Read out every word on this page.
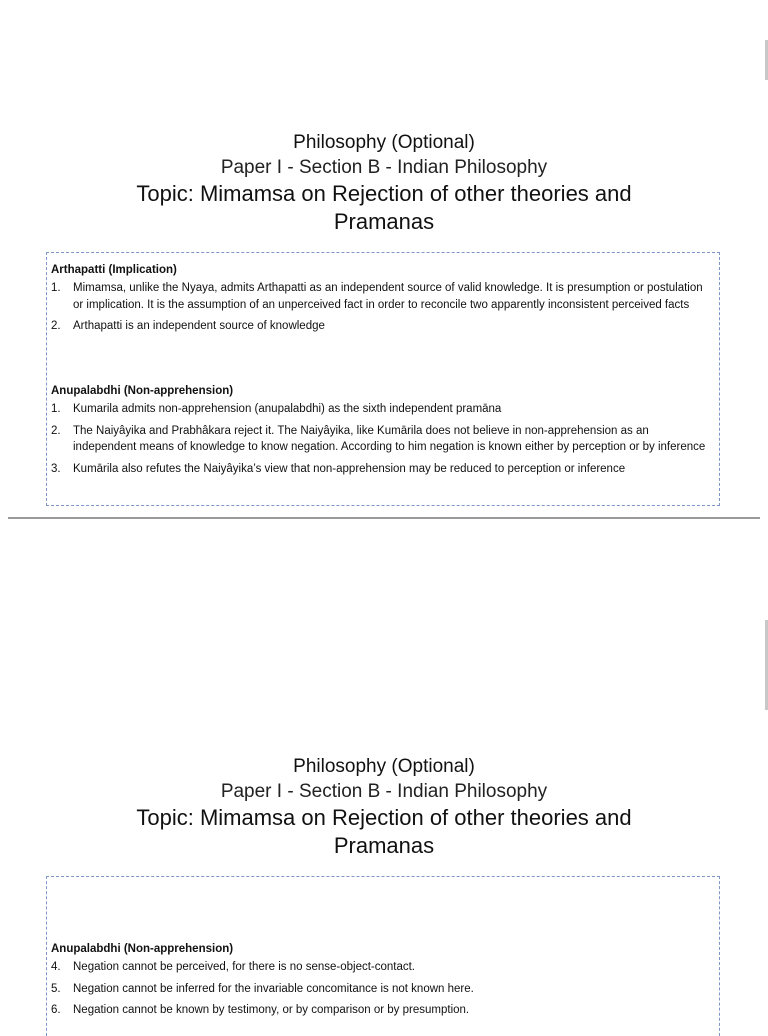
Philosophy (Optional)
Paper I - Section B - Indian Philosophy
Topic: Mimamsa on Rejection of other theories and
Pramanas
Arthapatti (Implication)
1. Mimamsa, unlike the Nyaya, admits Arthapatti as an independent source of valid knowledge. It is presumption or postulation or implication. It is the assumption of an unperceived fact in order to reconcile two apparently inconsistent perceived facts
2. Arthapatti is an independent source of knowledge
Anupalabdhi (Non-apprehension)
1. Kumarila admits non-apprehension (anupalabdhi) as the sixth independent pramāna
2. The Naiyâyika and Prabhâkara reject it. The Naiyâyika, like Kumārila does not believe in non-apprehension as an independent means of knowledge to know negation. According to him negation is known either by perception or by inference
3. Kumārila also refutes the Naiyâyika’s view that non-apprehension may be reduced to perception or inference
Philosophy (Optional)
Paper I - Section B - Indian Philosophy
Topic: Mimamsa on Rejection of other theories and
Pramanas
Anupalabdhi (Non-apprehension)
4. Negation cannot be perceived, for there is no sense-object-contact.
5. Negation cannot be inferred for the invariable concomitance is not known here.
6. Negation cannot be known by testimony, or by comparison or by presumption.
